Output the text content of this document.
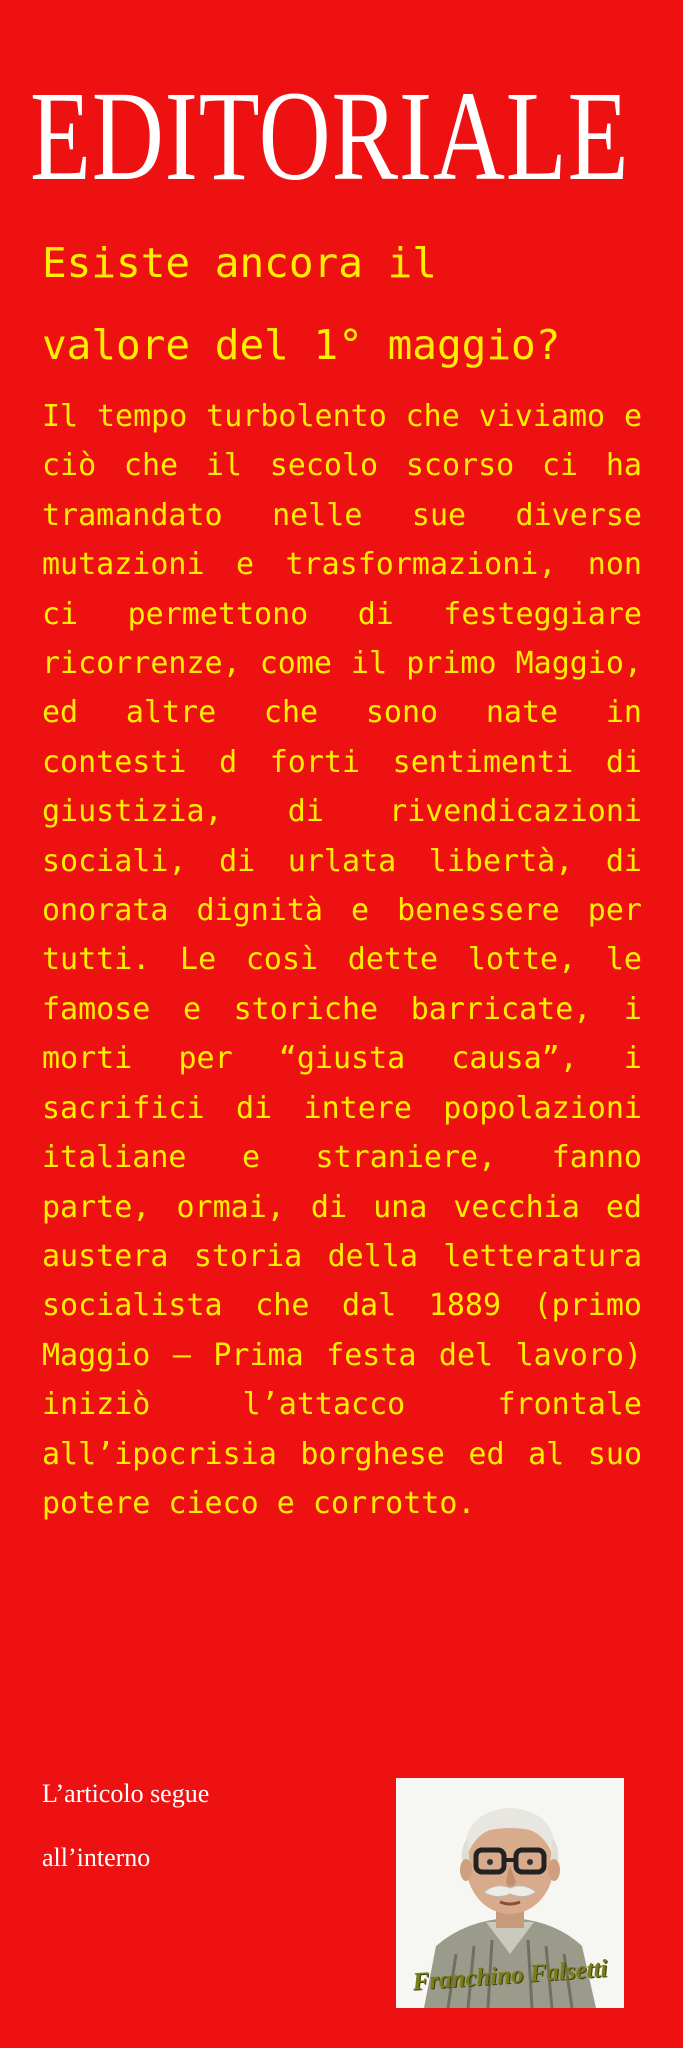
EDITORIALE
Esiste ancora il
valore del 1° maggio?
Il tempo turbolento che viviamo e ciò che il secolo scorso ci ha tramandato nelle sue diverse mutazioni e trasformazioni, non ci permettono di festeggiare ricorrenze, come il primo Maggio, ed altre che sono nate in contesti d forti sentimenti di giustizia, di rivendicazioni sociali, di urlata libertà, di onorata dignità e benessere per tutti. Le così dette lotte, le famose e storiche barricate, i morti per “giusta causa”, i sacrifici di intere popolazioni italiane e straniere, fanno parte, ormai, di una vecchia ed austera storia della letteratura socialista che dal 1889 (primo Maggio – Prima festa del lavoro) iniziò l’attacco frontale all’ipocrisia borghese ed al suo potere cieco e corrotto.
L’articolo segue
all’interno
Franchino Falsetti
